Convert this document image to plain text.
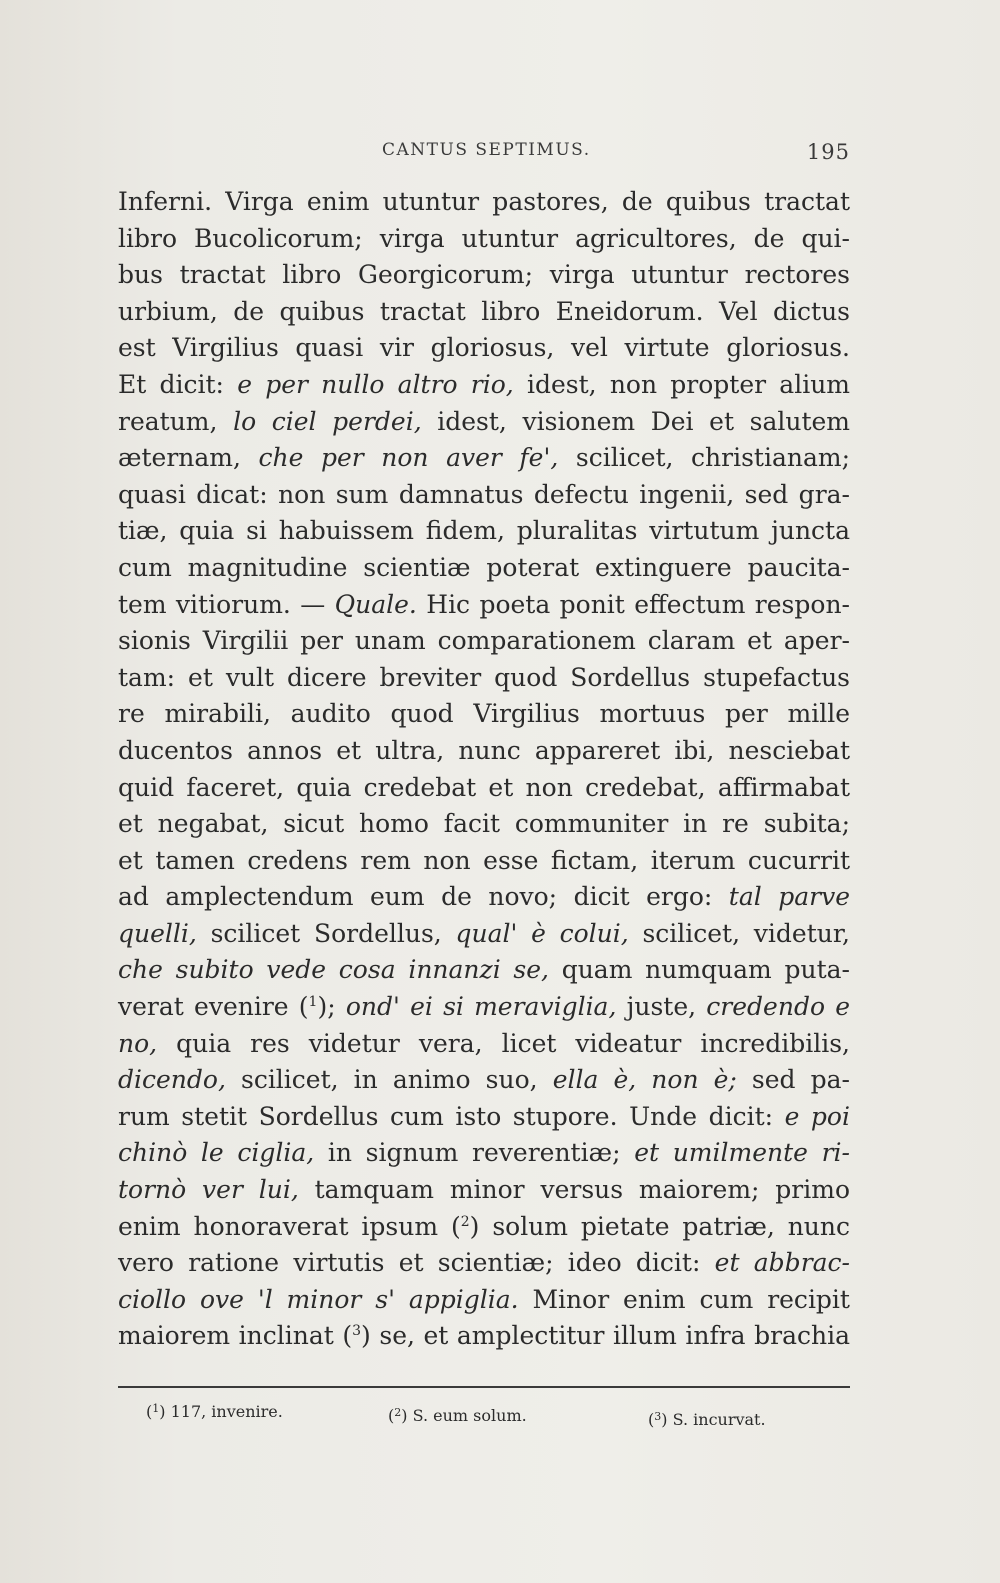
CANTUS SEPTIMUS.	195
Inferni. Virga enim utuntur pastores, de quibus tractat
libro Bucolicorum; virga utuntur agricultores, de qui-
bus tractat libro Georgicorum; virga utuntur rectores
urbium, de quibus tractat libro Eneidorum. Vel dictus
est Virgilius quasi vir gloriosus, vel virtute gloriosus.
Et dicit: e per nullo altro rio, idest, non propter alium
reatum, lo ciel perdei, idest, visionem Dei et salutem
æternam, che per non aver fe', scilicet, christianam;
quasi dicat: non sum damnatus defectu ingenii, sed gra-
tiæ, quia si habuissem fidem, pluralitas virtutum juncta
cum magnitudine scientiæ poterat extinguere paucita-
tem vitiorum. — Quale. Hic poeta ponit effectum respon-
sionis Virgilii per unam comparationem claram et aper-
tam: et vult dicere breviter quod Sordellus stupefactus
re mirabili, audito quod Virgilius mortuus per mille
ducentos annos et ultra, nunc appareret ibi, nesciebat
quid faceret, quia credebat et non credebat, affirmabat
et negabat, sicut homo facit communiter in re subita;
et tamen credens rem non esse fictam, iterum cucurrit
ad amplectendum eum de novo; dicit ergo: tal parve
quelli, scilicet Sordellus, qual' è colui, scilicet, videtur,
che subito vede cosa innanzi se, quam numquam puta-
verat evenire ($^1$); ond' ei si meraviglia, juste, credendo e
no, quia res videtur vera, licet videatur incredibilis,
dicendo, scilicet, in animo suo, ella è, non è; sed pa-
rum stetit Sordellus cum isto stupore. Unde dicit: e poi
chinò le ciglia, in signum reverentiæ; et umilmente ri-
tornò ver lui, tamquam minor versus maiorem; primo
enim honoraverat ipsum ($^2$) solum pietate patriæ, nunc
vero ratione virtutis et scientiæ; ideo dicit: et abbrac-
ciollo ove 'l minor s' appiglia. Minor enim cum recipit
maiorem inclinat ($^3$) se, et amplectitur illum infra brachia
($^1$) 117, invenire.	($^2$) S. eum solum.	($^3$) S. incurvat.
